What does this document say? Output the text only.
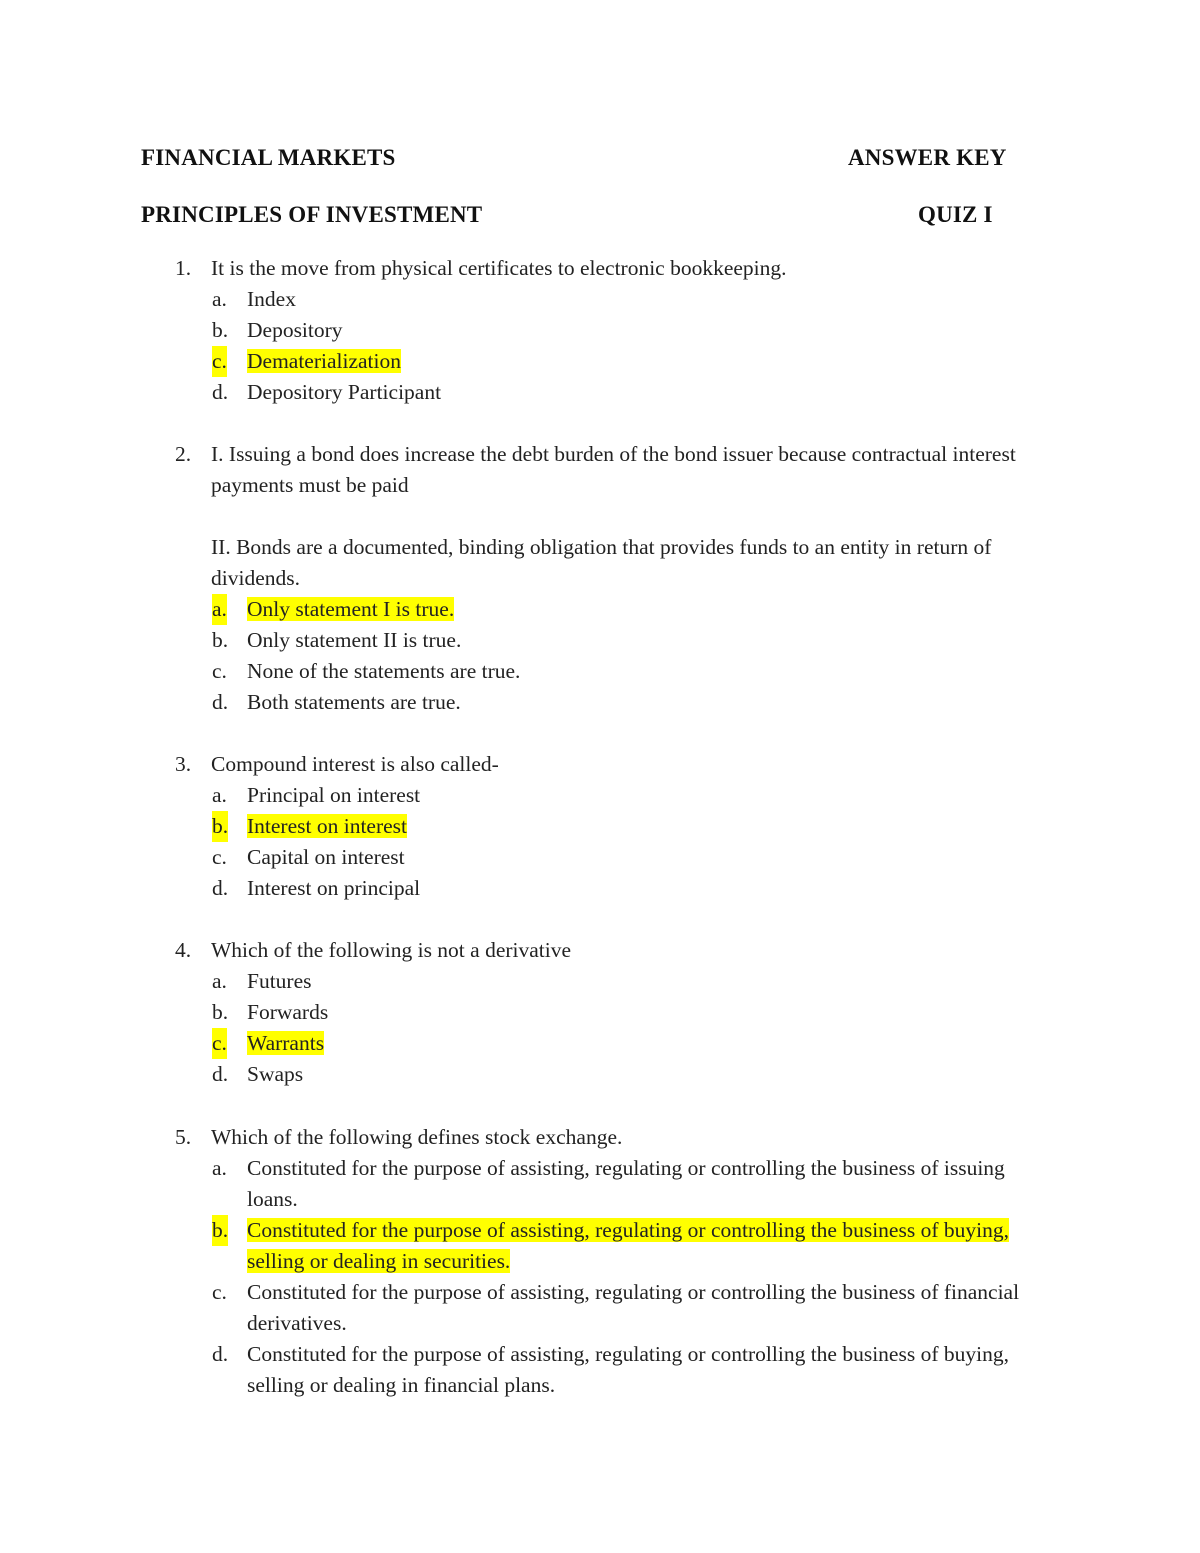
FINANCIAL MARKETS	ANSWER KEY
PRINCIPLES OF INVESTMENT	QUIZ I
1. It is the move from physical certificates to electronic bookkeeping.
a. Index
b. Depository
c. Dematerialization
d. Depository Participant
2. I. Issuing a bond does increase the debt burden of the bond issuer because contractual interest payments must be paid
II. Bonds are a documented, binding obligation that provides funds to an entity in return of dividends.
a. Only statement I is true.
b. Only statement II is true.
c. None of the statements are true.
d. Both statements are true.
3. Compound interest is also called-
a. Principal on interest
b. Interest on interest
c. Capital on interest
d. Interest on principal
4. Which of the following is not a derivative
a. Futures
b. Forwards
c. Warrants
d. Swaps
5. Which of the following defines stock exchange.
a. Constituted for the purpose of assisting, regulating or controlling the business of issuing loans.
b. Constituted for the purpose of assisting, regulating or controlling the business of buying, selling or dealing in securities.
c. Constituted for the purpose of assisting, regulating or controlling the business of financial derivatives.
d. Constituted for the purpose of assisting, regulating or controlling the business of buying, selling or dealing in financial plans.
